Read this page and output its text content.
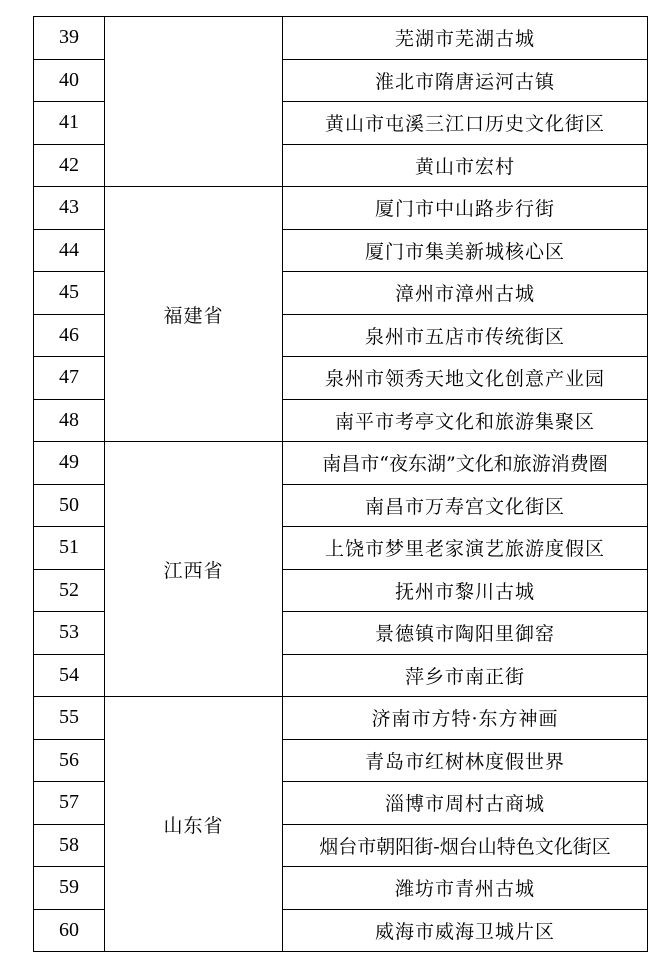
39		芜湖市芜湖古城
40		淮北市隋唐运河古镇
41		黄山市屯溪三江口历史文化街区
42		黄山市宏村
43	福建省	厦门市中山路步行街
44		厦门市集美新城核心区
45		漳州市漳州古城
46		泉州市五店市传统街区
47		泉州市领秀天地文化创意产业园
48		南平市考亭文化和旅游集聚区
49	江西省	南昌市“夜东湖”文化和旅游消费圈
50		南昌市万寿宫文化街区
51		上饶市梦里老家演艺旅游度假区
52		抚州市黎川古城
53		景德镇市陶阳里御窑
54		萍乡市南正街
55	山东省	济南市方特·东方神画
56		青岛市红树林度假世界
57		淄博市周村古商城
58		烟台市朝阳街-烟台山特色文化街区
59		潍坊市青州古城
60		威海市威海卫城片区
